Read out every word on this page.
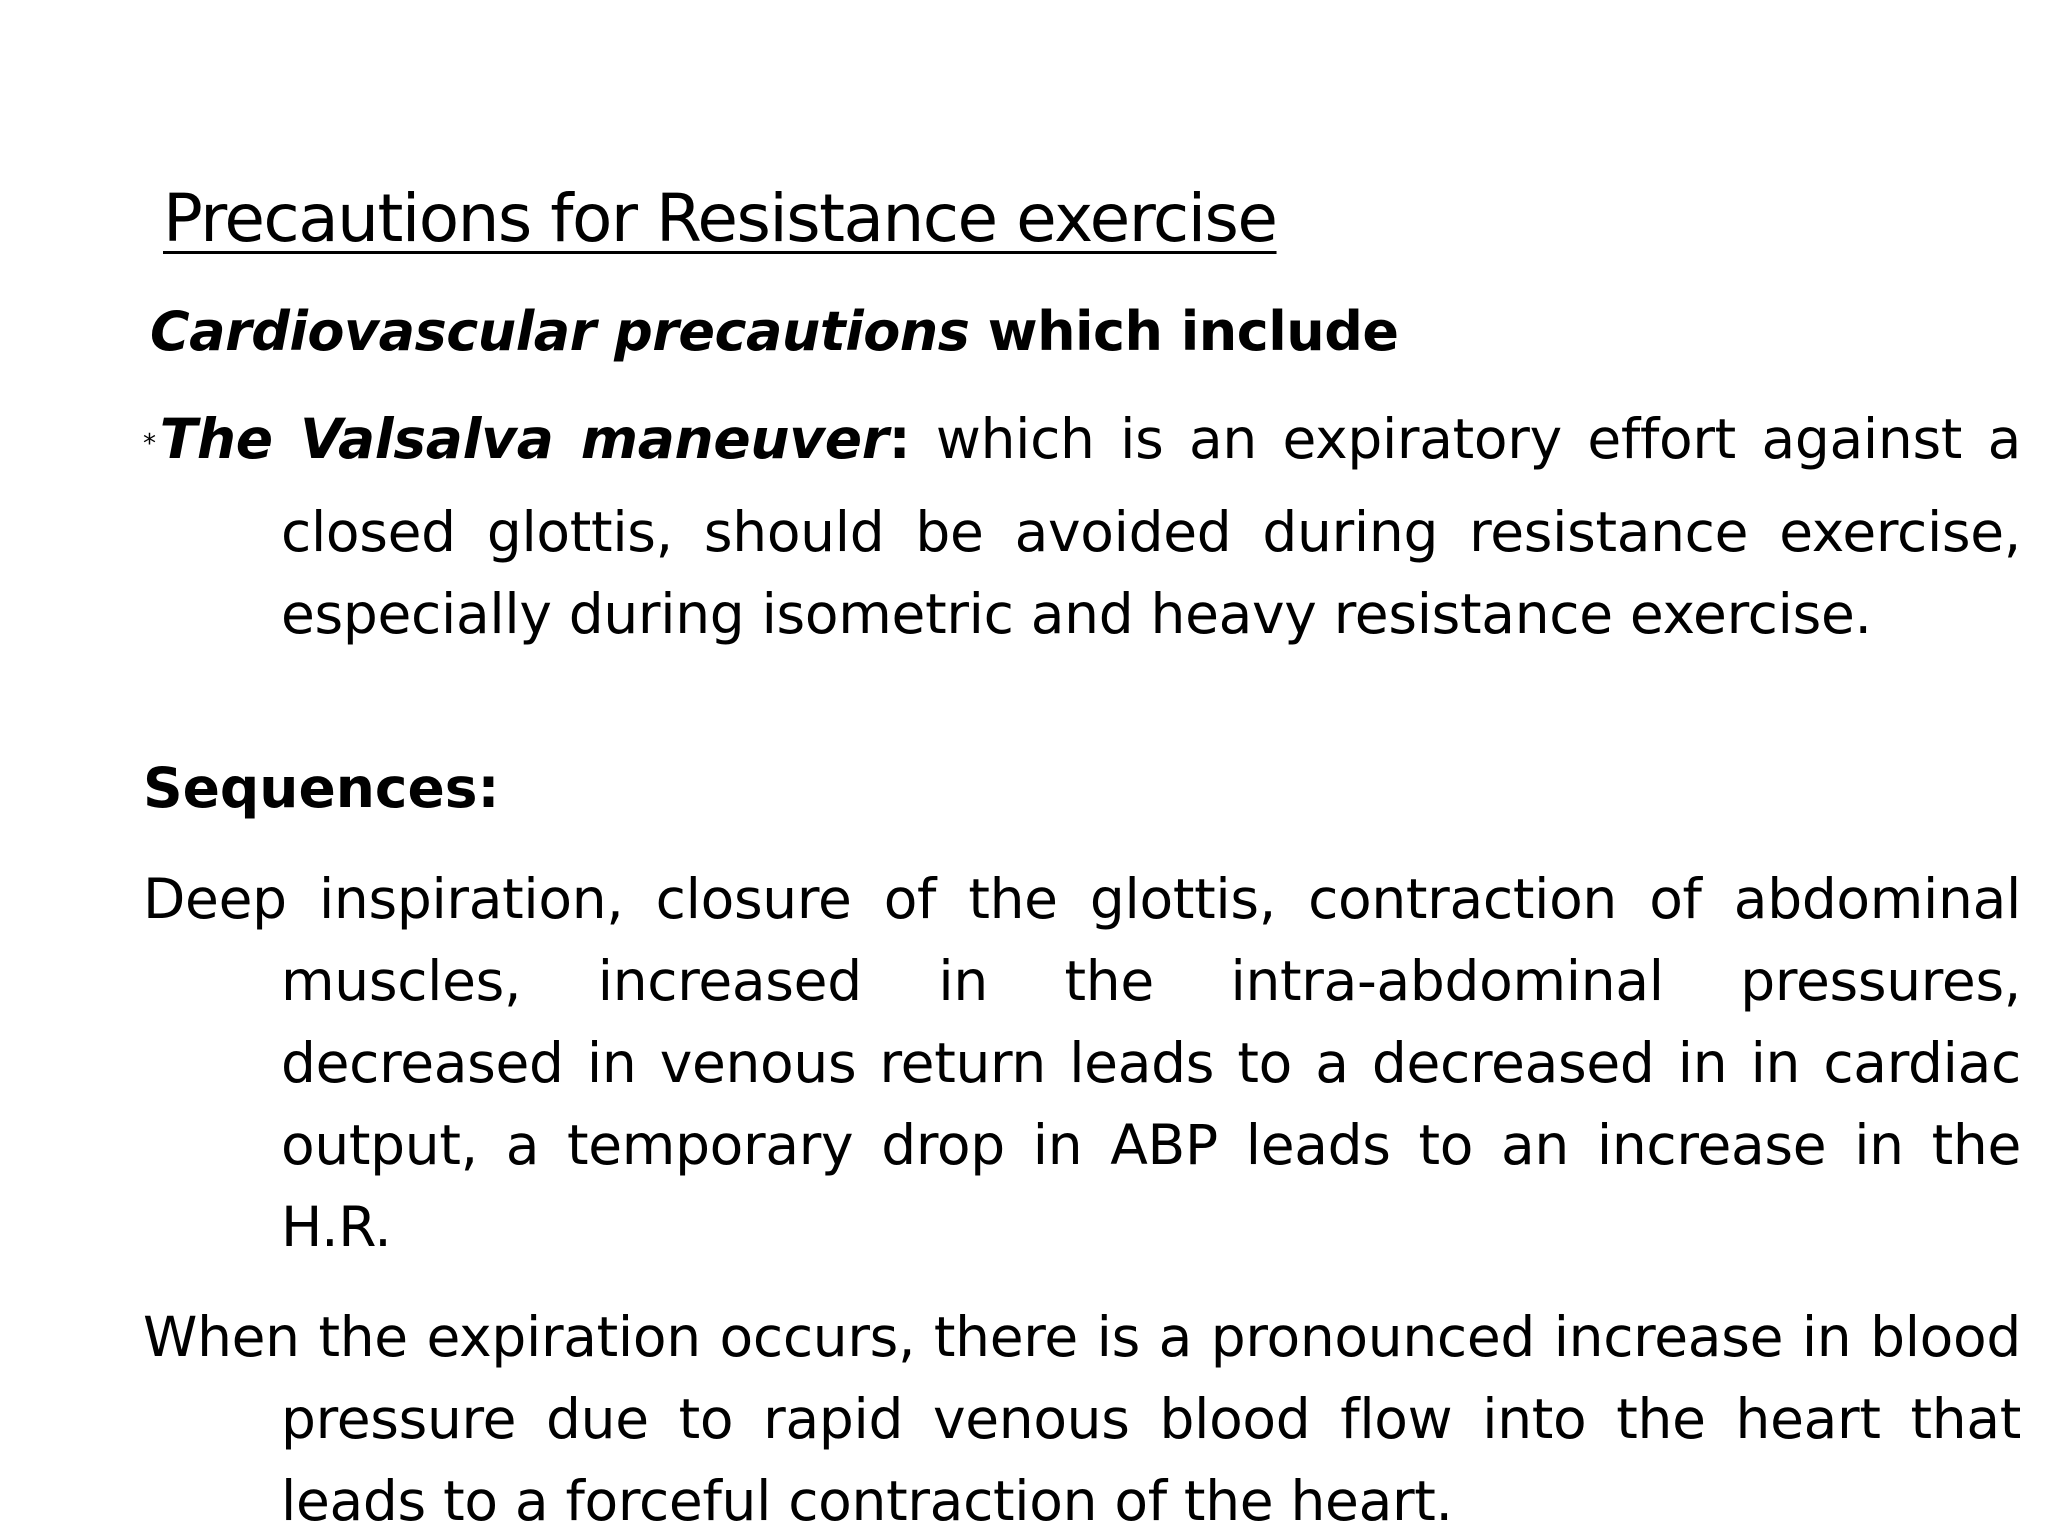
Precautions for Resistance exercise
Cardiovascular precautions which include
*The Valsalva maneuver: which is an expiratory effort against a closed glottis, should be avoided during resistance exercise, especially during isometric and heavy resistance exercise.
Sequences:
Deep inspiration, closure of the glottis, contraction of abdominal muscles, increased in the intra-abdominal pressures, decreased in venous return leads to a decreased in in cardiac output, a temporary drop in ABP leads to an increase in the H.R.
When the expiration occurs, there is a pronounced increase in blood pressure due to rapid venous blood flow into the heart that leads to a forceful contraction of the heart.
